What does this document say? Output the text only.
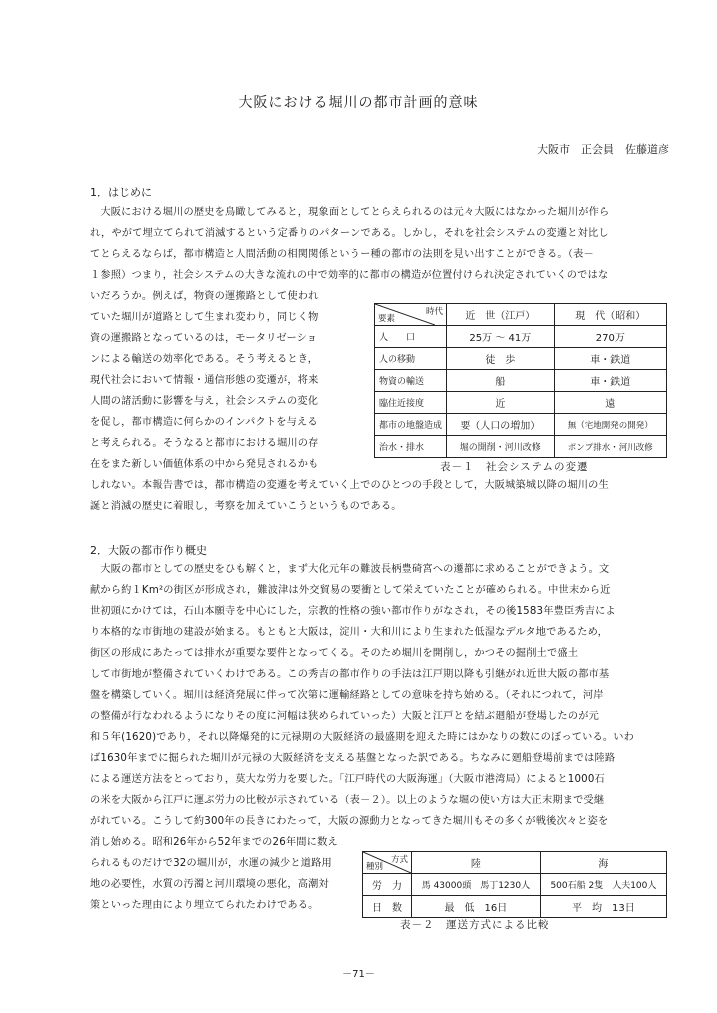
大阪における堀川の都市計画的意味
大阪市　正会員　佐藤道彦
1．はじめに
　大阪における堀川の歴史を鳥瞰してみると，現象面としてとらえられるのは元々大阪にはなかった堀川が作ら
れ，やがて埋立てられて消滅するという定番りのパターンである。しかし，それを社会システムの変遷と対比し
てとらえるならば，都市構造と人間活動の相関関係というー種の都市の法則を見い出すことができる。（表－
１参照）つまり，社会システムの大きな流れの中で効率的に都市の構造が位置付けられ決定されていくのではな
いだろうか。例えば，物資の運搬路として使われ
ていた堀川が道路として生まれ変わり，同じく物
資の運搬路となっているのは，モータリゼーショ
ンによる輸送の効率化である。そう考えるとき，
現代社会において情報・通信形態の変遷が，将来
人間の諸活動に影響を与え，社会システムの変化
を促し，都市構造に何らかのインパクトを与える
と考えられる。そうなると都市における堀川の存
在をまた新しい価値体系の中から発見されるかも
しれない。本報告書では，都市構造の変遷を考えていく上でのひとつの手段として，大阪城築城以降の堀川の生
誕と消滅の歴史に着眼し，考察を加えていこうというものである。
時代
要素	近　世（江戸）	現　代（昭和）
人　　口	25万 ～ 41万	270万
人の移動	徒　歩	車・鉄道
物資の輸送	船	車・鉄道
臨住近接度	近	遠
都市の地盤造成	要（人口の増加）	無（宅地開発の開発）
治水・排水	堀の開削・河川改修	ポンプ排水・河川改修
表－１　社会システムの変遷
2．大阪の都市作り概史
　大阪の都市としての歴史をひも解くと，まず大化元年の難波長柄豊碕宮への遷都に求めることができよう。文
献から約１Km²の街区が形成され，難波津は外交貿易の要衝として栄えていたことが確められる。中世末から近
世初頭にかけては，石山本願寺を中心にした，宗教的性格の強い都市作りがなされ，その後1583年豊臣秀吉によ
り本格的な市街地の建設が始まる。もともと大阪は，淀川・大和川により生まれた低湿なデルタ地であるため，
街区の形成にあたっては排水が重要な要件となってくる。そのため堀川を開削し，かつその掘削土で盛土
して市街地が整備されていくわけである。この秀吉の都市作りの手法は江戸期以降も引継がれ近世大阪の都市基
盤を構築していく。堀川は経済発展に伴って次第に運輸経路としての意味を持ち始める。（それにつれて，河岸
の整備が行なわれるようになりその度に河幅は狭められていった）大阪と江戸とを結ぶ廻船が登場したのが元
和５年(1620)であり，それ以降爆発的に元禄期の大阪経済の最盛期を迎えた時にはかなりの数にのぼっている。いわ
ば1630年までに掘られた堀川が元禄の大阪経済を支える基盤となった訳である。ちなみに廻船登場前までは陸路
による運送方法をとっており，莫大な労力を要した。「江戸時代の大阪海運」（大阪市港湾局）によると1000石
の米を大阪から江戸に運ぶ労力の比較が示されている（表－２）。以上のような堀の使い方は大正末期まで受継
がれている。こうして約300年の長きにわたって，大阪の源動力となってきた堀川もその多くが戦後次々と姿を
消し始める。昭和26年から52年までの26年間に数え
られるものだけで32の堀川が，水運の減少と道路用
地の必要性，水質の汚濁と河川環境の悪化，高潮対
策といった理由により埋立てられたわけである。
方式
種別	陸	海
労　力	馬 43000頭　馬丁1230人	500石船 2隻　人夫100人
日　数	最　低　16日	平　均　13日
表－２　運送方式による比較
－71－
